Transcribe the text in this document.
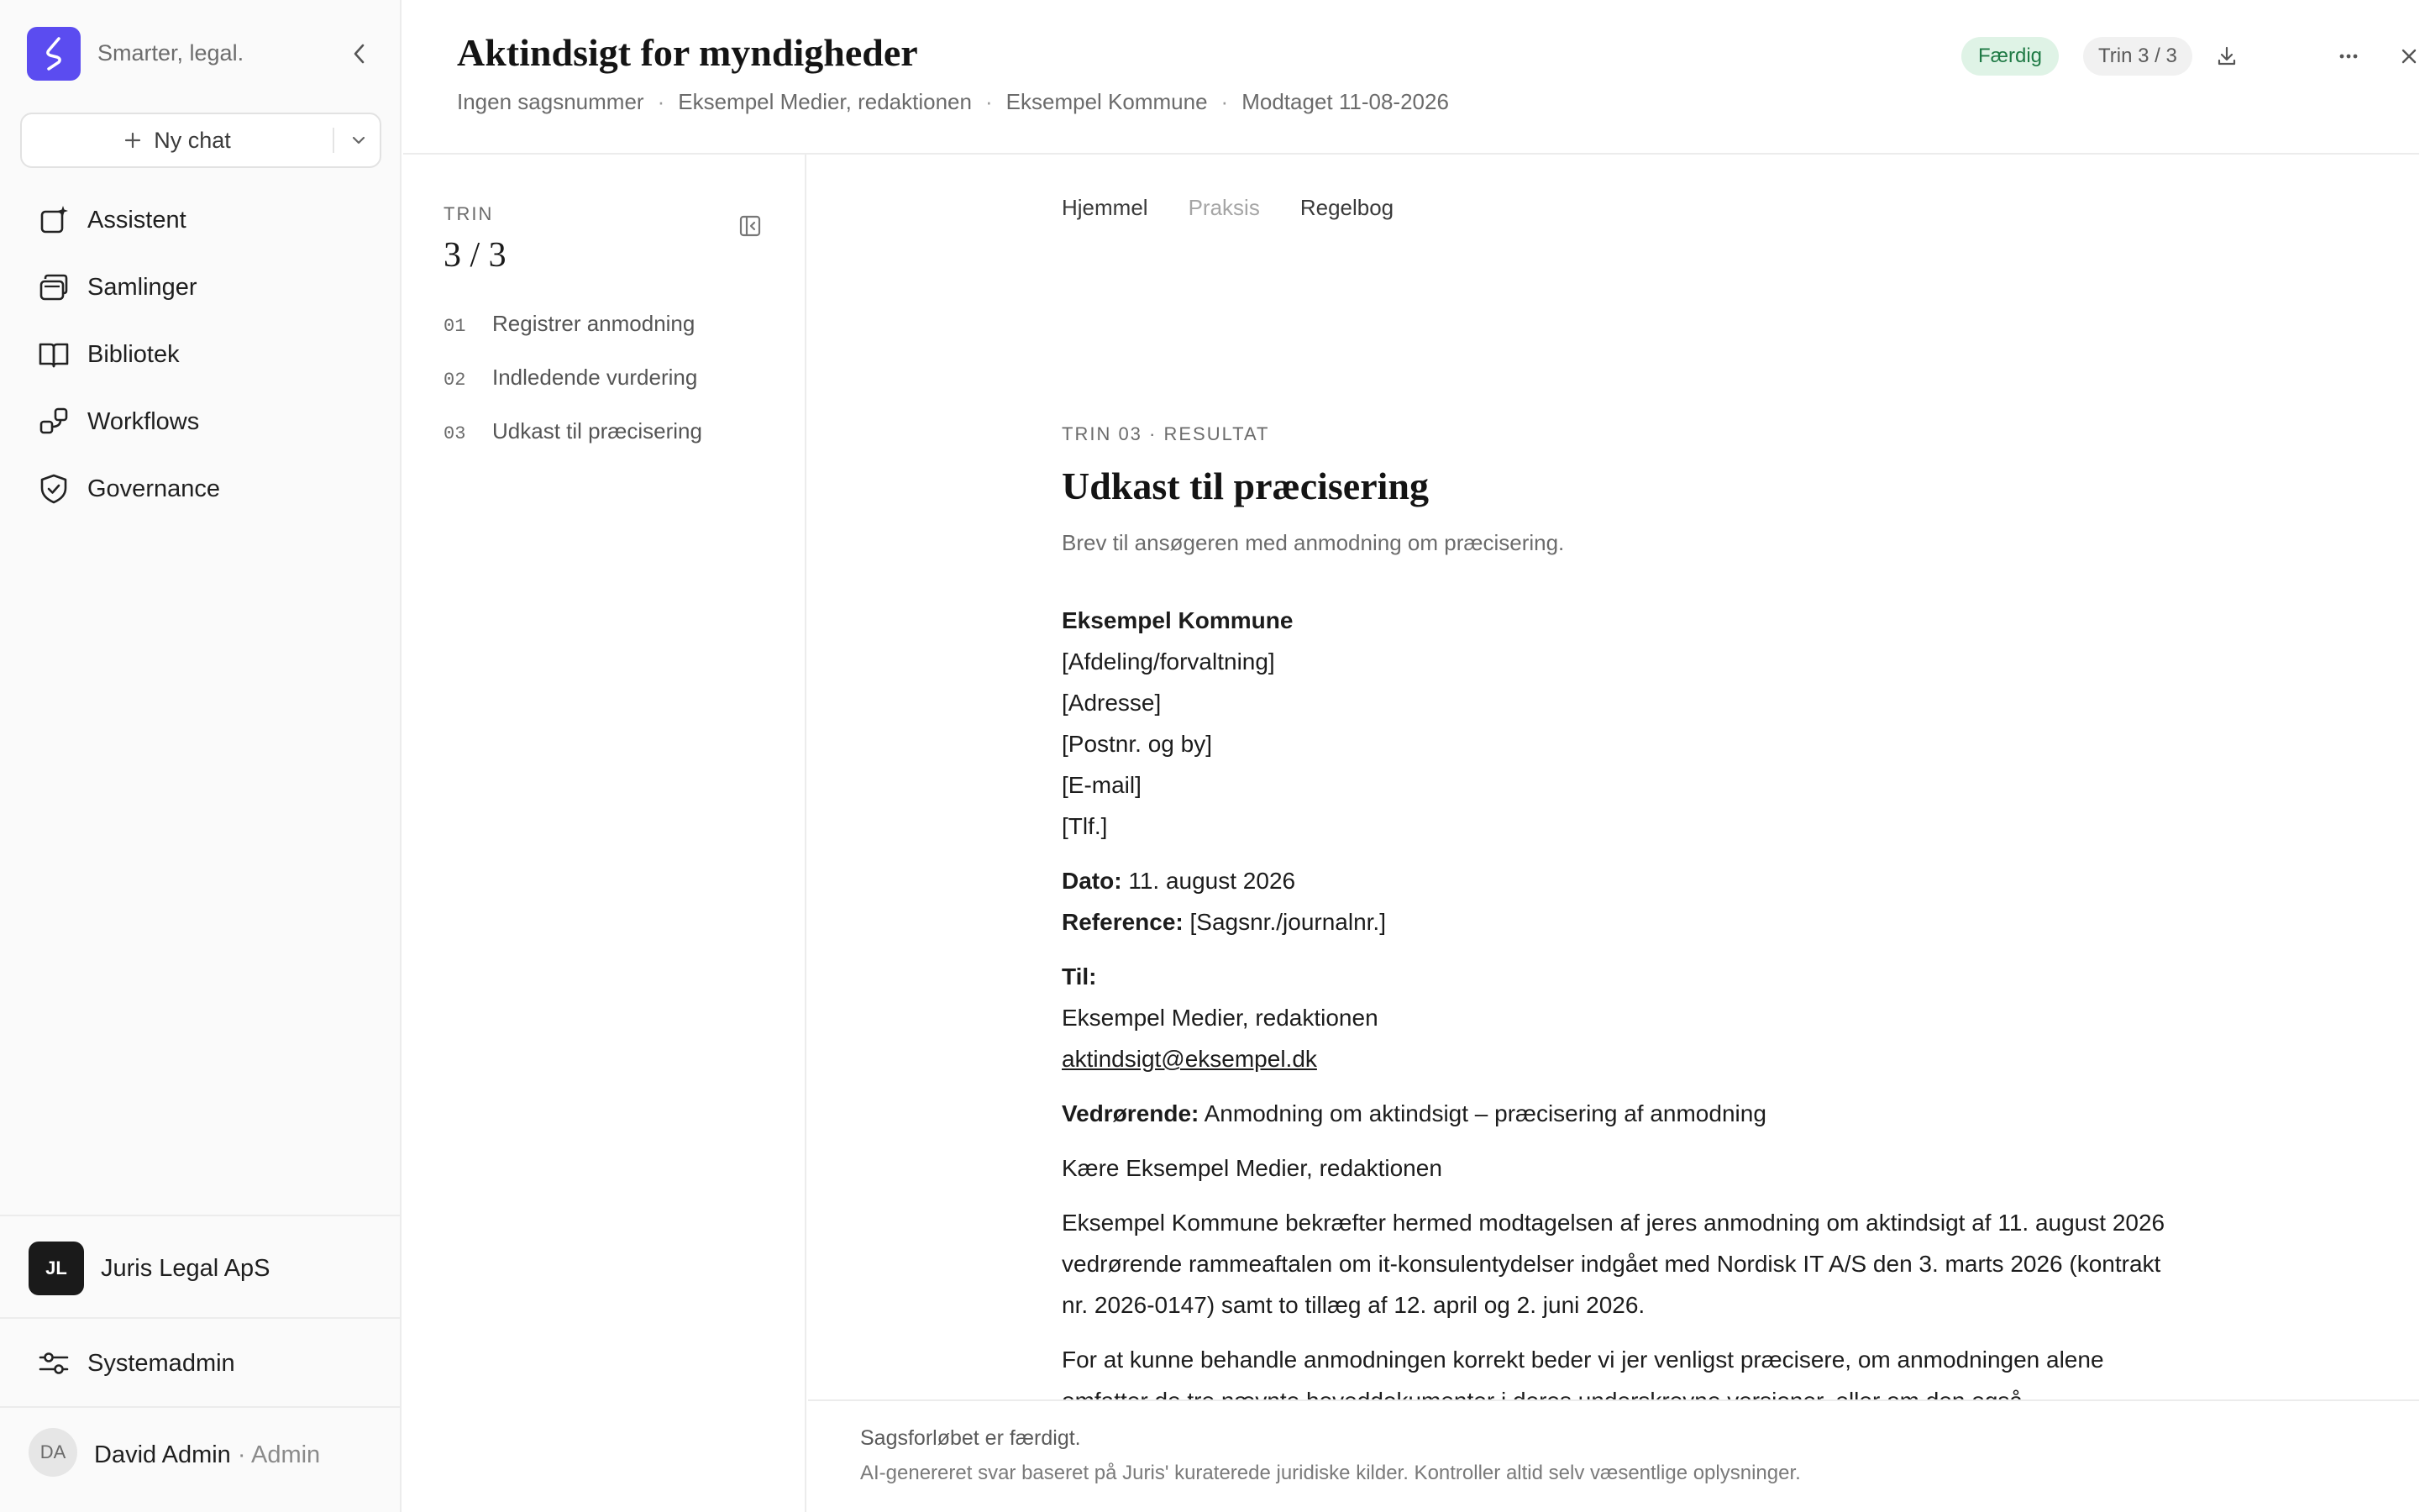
Smarter, legal.
Ny chat
Assistent
Samlinger
Bibliotek
Workflows
Governance
JL	Juris Legal ApS
Systemadmin
DA	David Admin · Admin
Aktindsigt for myndigheder
Ingen sagsnummer · Eksempel Medier, redaktionen · Eksempel Kommune · Modtaget 11-08-2026
Færdig	Trin 3 / 3
TRIN
3 / 3
01	Registrer anmodning
02	Indledende vurdering
03	Udkast til præcisering
Hjemmel Praksis Regelbog
TRIN 03 · RESULTAT
Udkast til præcisering
Brev til ansøgeren med anmodning om præcisering.
Eksempel Kommune
[Afdeling/forvaltning]
[Adresse]
[Postnr. og by]
[E-mail]
[Tlf.]
Dato: 11. august 2026
Reference: [Sagsnr./journalnr.]
Til:
Eksempel Medier, redaktionen
aktindsigt@eksempel.dk
Vedrørende: Anmodning om aktindsigt – præcisering af anmodning
Kære Eksempel Medier, redaktionen
Eksempel Kommune bekræfter hermed modtagelsen af jeres anmodning om aktindsigt af 11. august 2026 vedrørende rammeaftalen om it-konsulentydelser indgået med Nordisk IT A/S den 3. marts 2026 (kontrakt nr. 2026-0147) samt to tillæg af 12. april og 2. juni 2026.
For at kunne behandle anmodningen korrekt beder vi jer venligst præcisere, om anmodningen alene
Sagsforløbet er færdigt.
AI-genereret svar baseret på Juris' kuraterede juridiske kilder. Kontroller altid selv væsentlige oplysninger.
